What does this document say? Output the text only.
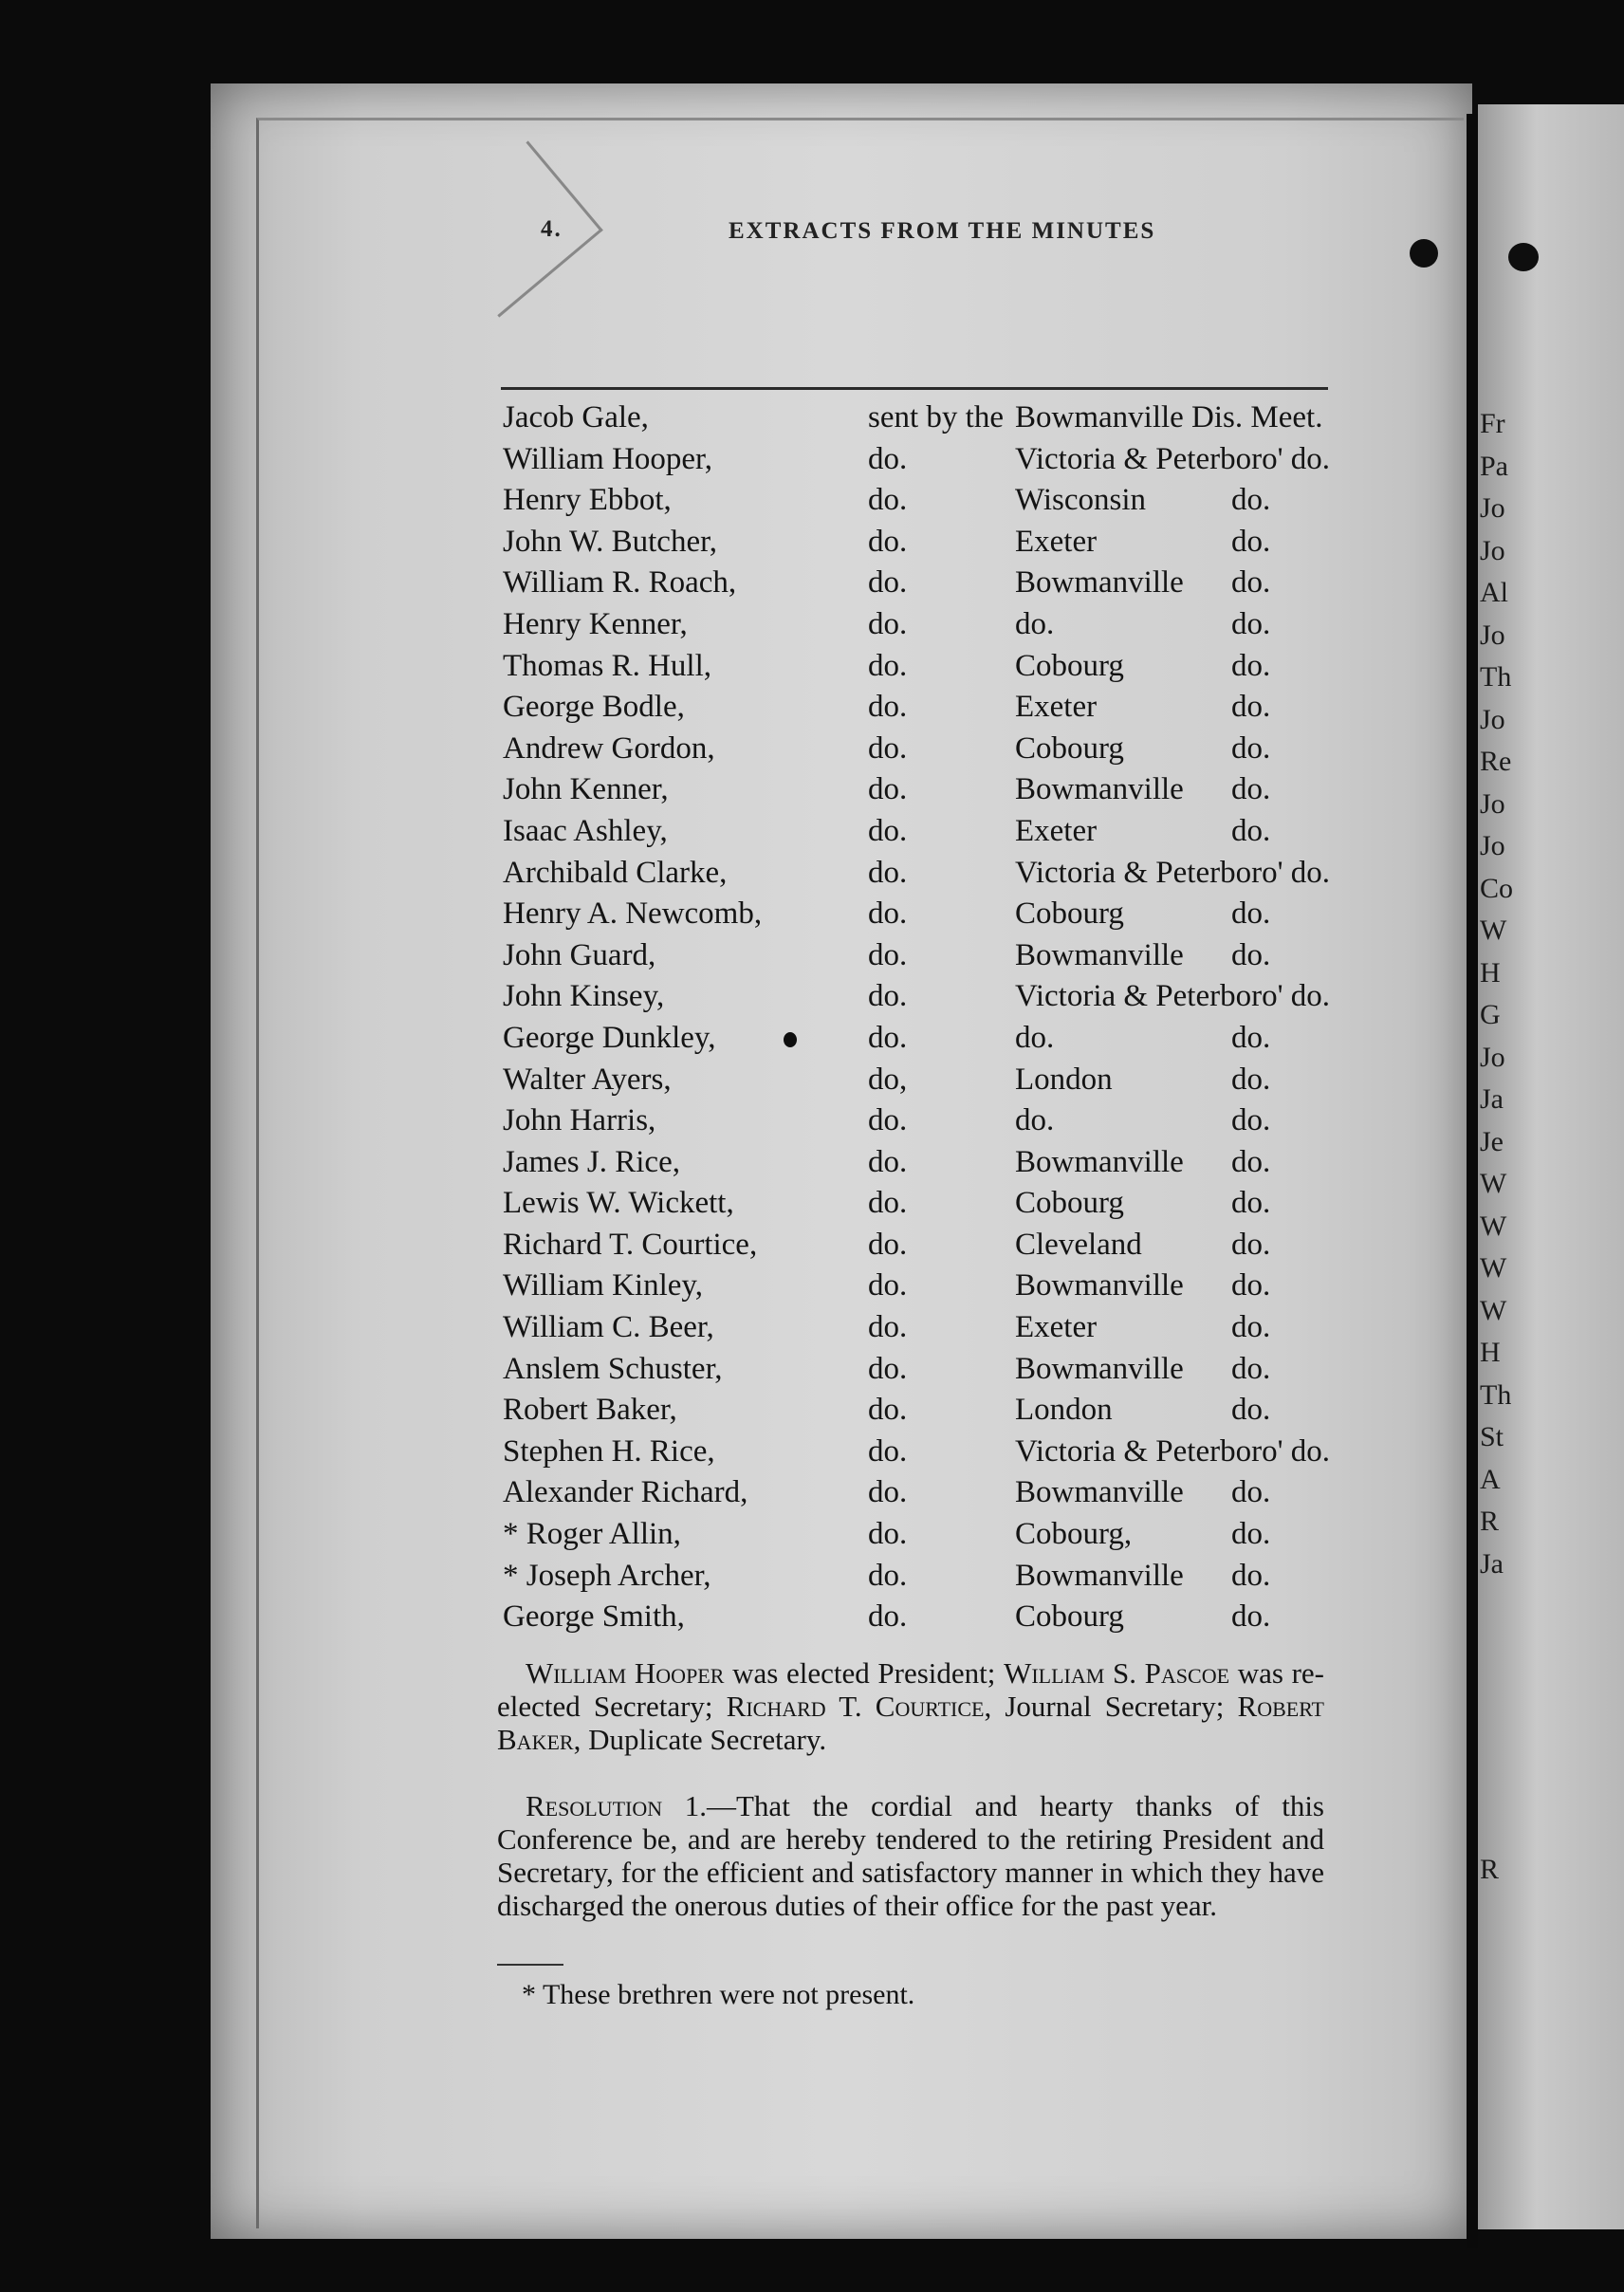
Fr
Pa
Jo
Jo
Al
Jo
Th
Jo
Re
Jo
Jo
Co
W
H
G
Jo
Ja
Je
W
W
W
W
H
Th
St
A
R
Ja
R
4.	EXTRACTS FROM THE MINUTES
Jacob Gale,	sent by the Bowmanville Dis. Meet.
William Hooper,	do.	Victoria & Peterboro' do.
Henry Ebbot,	do.	Wisconsin	do.
John W. Butcher,	do.	Exeter	do.
William R. Roach,	do.	Bowmanville do.
Henry Kenner,	do.	do.	do.
Thomas R. Hull,	do.	Cobourg	do.
George Bodle,	do.	Exeter	do.
Andrew Gordon,	do.	Cobourg	do.
John Kenner,	do.	Bowmanville do.
Isaac Ashley,	do.	Exeter	do.
Archibald Clarke,	do.	Victoria & Peterboro' do.
Henry A. Newcomb,	do.	Cobourg	do.
John Guard,	do.	Bowmanville do.
John Kinsey,	do.	Victoria & Peterboro' do.
George Dunkley,	do.	do.	do.
Walter Ayers,	do,	London	do.
John Harris,	do.	do.	do.
James J. Rice,	do.	Bowmanville do.
Lewis W. Wickett,	do.	Cobourg	do.
Richard T. Courtice,	do.	Cleveland	do.
William Kinley,	do.	Bowmanville do.
William C. Beer,	do.	Exeter	do.
Anslem Schuster,	do.	Bowmanville do.
Robert Baker,	do.	London	do.
Stephen H. Rice,	do.	Victoria & Peterboro' do.
Alexander Richard,	do.	Bowmanville do.
* Roger Allin,	do.	Cobourg,	do.
* Joseph Archer,	do.	Bowmanville do.
George Smith,	do.	Cobourg	do.
William Hooper was elected President; William S. Pascoe was re-elected Secretary; Richard T. Courtice, Journal Secretary; Robert Baker, Duplicate Secretary.
Resolution 1.—That the cordial and hearty thanks of this Conference be, and are hereby tendered to the retiring President and Secretary, for the efficient and satisfactory manner in which they have discharged the onerous duties of their office for the past year.
* These brethren were not present.
